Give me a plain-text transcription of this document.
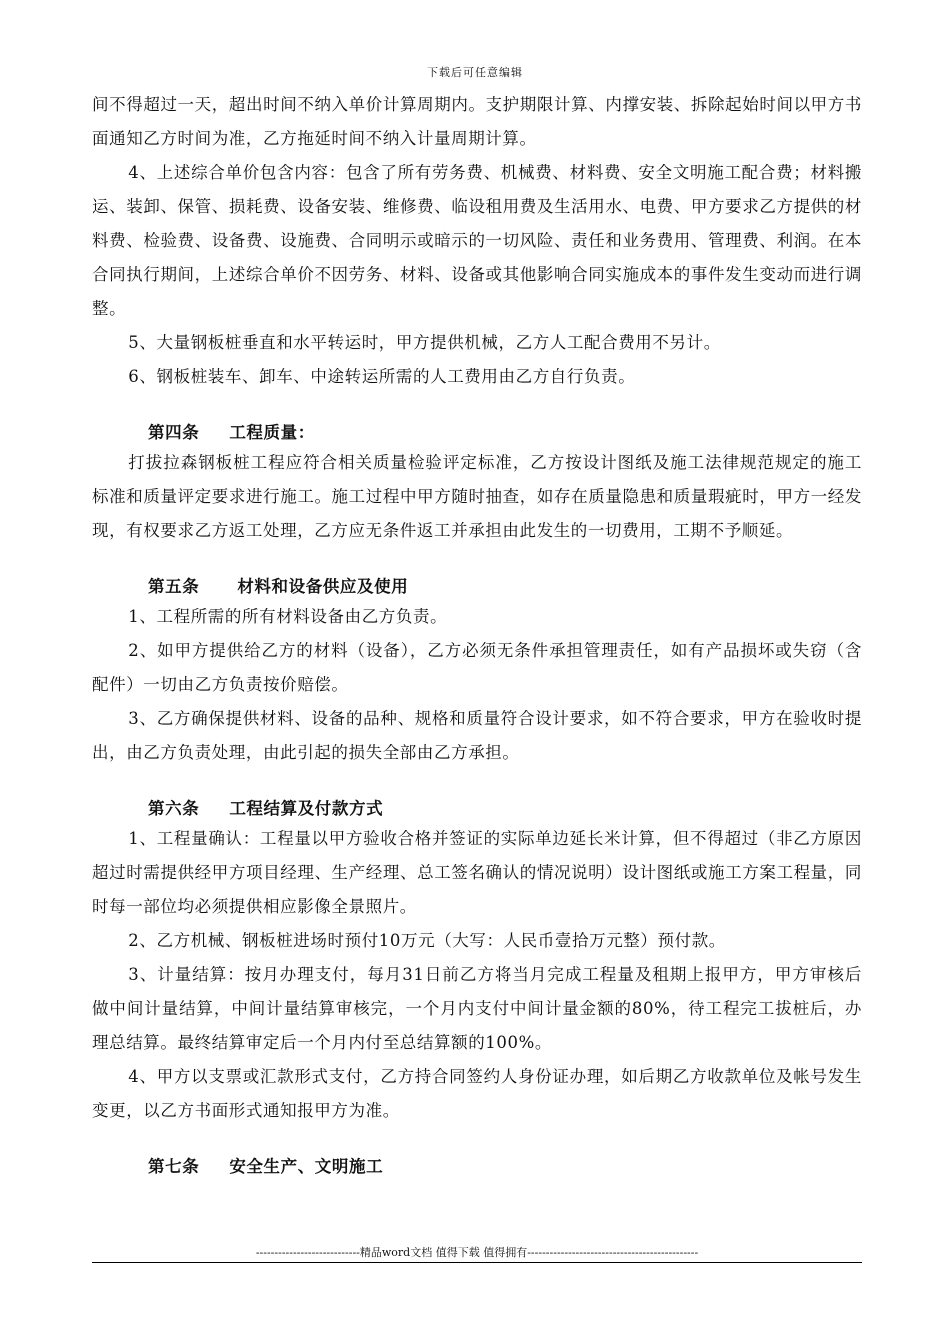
下载后可任意编辑

间不得超过一天，超出时间不纳入单价计算周期内。支护期限计算、内撑安装、拆除起始时间以甲方书面通知乙方时间为准，乙方拖延时间不纳入计量周期计算。

4、上述综合单价包含内容：包含了所有劳务费、机械费、材料费、安全文明施工配合费；材料搬运、装卸、保管、损耗费、设备安装、维修费、临设租用费及生活用水、电费、甲方要求乙方提供的材料费、检验费、设备费、设施费、合同明示或暗示的一切风险、责任和业务费用、管理费、利润。在本合同执行期间，上述综合单价不因劳务、材料、设备或其他影响合同实施成本的事件发生变动而进行调整。

5、大量钢板桩垂直和水平转运时，甲方提供机械，乙方人工配合费用不另计。

6、钢板桩装车、卸车、中途转运所需的人工费用由乙方自行负责。

第四条 工程质量：

打拔拉森钢板桩工程应符合相关质量检验评定标准，乙方按设计图纸及施工法律规范规定的施工标准和质量评定要求进行施工。施工过程中甲方随时抽查，如存在质量隐患和质量瑕疵时，甲方一经发现，有权要求乙方返工处理，乙方应无条件返工并承担由此发生的一切费用，工期不予顺延。

第五条 材料和设备供应及使用

1、工程所需的所有材料设备由乙方负责。

2、如甲方提供给乙方的材料（设备），乙方必须无条件承担管理责任，如有产品损坏或失窃（含配件）一切由乙方负责按价赔偿。

3、乙方确保提供材料、设备的品种、规格和质量符合设计要求，如不符合要求，甲方在验收时提出，由乙方负责处理，由此引起的损失全部由乙方承担。

第六条 工程结算及付款方式

1、工程量确认：工程量以甲方验收合格并签证的实际单边延长米计算，但不得超过（非乙方原因超过时需提供经甲方项目经理、生产经理、总工签名确认的情况说明）设计图纸或施工方案工程量，同时每一部位均必须提供相应影像全景照片。

2、乙方机械、钢板桩进场时预付10万元（大写：人民币壹拾万元整）预付款。

3、计量结算：按月办理支付，每月31日前乙方将当月完成工程量及租期上报甲方，甲方审核后做中间计量结算，中间计量结算审核完，一个月内支付中间计量金额的80%，待工程完工拔桩后，办理总结算。最终结算审定后一个月内付至总结算额的100%。

4、甲方以支票或汇款形式支付，乙方持合同签约人身份证办理，如后期乙方收款单位及帐号发生变更，以乙方书面形式通知报甲方为准。

第七条 安全生产、文明施工
----------------------------精品word文档 值得下载 值得拥有----------------------------------------------
